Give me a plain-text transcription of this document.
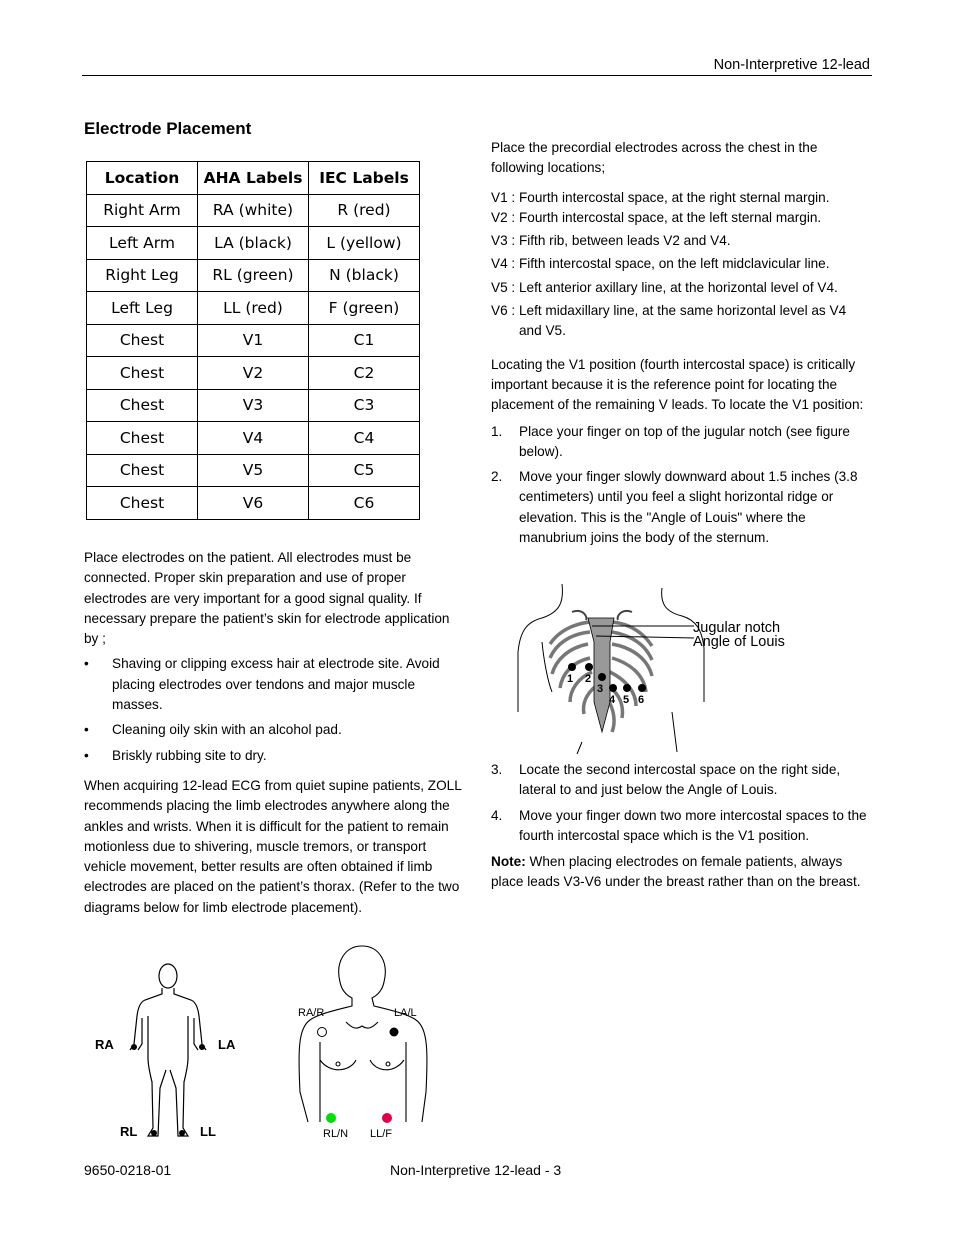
Non-Interpretive 12-lead
Electrode Placement
Location	AHA Labels	IEC Labels
Right Arm	RA (white)	R (red)
Left Arm	LA (black)	L (yellow)
Right Leg	RL (green)	N (black)
Left Leg	LL (red)	F (green)
Chest	V1	C1
Chest	V2	C2
Chest	V3	C3
Chest	V4	C4
Chest	V5	C5
Chest	V6	C6
Place electrodes on the patient. All electrodes must be connected. Proper skin preparation and use of proper electrodes are very important for a good signal quality. If necessary prepare the patient’s skin for electrode application by ;
• Shaving or clipping excess hair at electrode site. Avoid placing electrodes over tendons and major muscle masses.
• Cleaning oily skin with an alcohol pad.
• Briskly rubbing site to dry.
When acquiring 12-lead ECG from quiet supine patients, ZOLL recommends placing the limb electrodes anywhere along the ankles and wrists. When it is difficult for the patient to remain motionless due to shivering, muscle tremors, or transport vehicle movement, better results are often obtained if limb electrodes are placed on the patient’s thorax. (Refer to the two diagrams below for limb electrode placement).
RA	LA
RL	LL
RA/R	LA/L
RL/N LL/F
Place the precordial electrodes across the chest in the following locations;
V1 : Fourth intercostal space, at the right sternal margin.
V2 : Fourth intercostal space, at the left sternal margin.
V3 : Fifth rib, between leads V2 and V4.
V4 : Fifth intercostal space, on the left midclavicular line.
V5 : Left anterior axillary line, at the horizontal level of V4.
V6 : Left midaxillary line, at the same horizontal level as V4
and V5.
Locating the V1 position (fourth intercostal space) is critically important because it is the reference point for locating the placement of the remaining V leads. To locate the V1 position:
1. Place your finger on top of the jugular notch (see figure below).
2. Move your finger slowly downward about 1.5 inches (3.8 centimeters) until you feel a slight horizontal ridge or elevation. This is the "Angle of Louis" where the manubrium joins the body of the sternum.
Jugular notch
Angle of Louis
1 2
3
4 5 6
3. Locate the second intercostal space on the right side, lateral to and just below the Angle of Louis.
4. Move your finger down two more intercostal spaces to the fourth intercostal space which is the V1 position.
Note: When placing electrodes on female patients, always place leads V3-V6 under the breast rather than on the breast.
9650-0218-01	Non-Interpretive 12-lead - 3
